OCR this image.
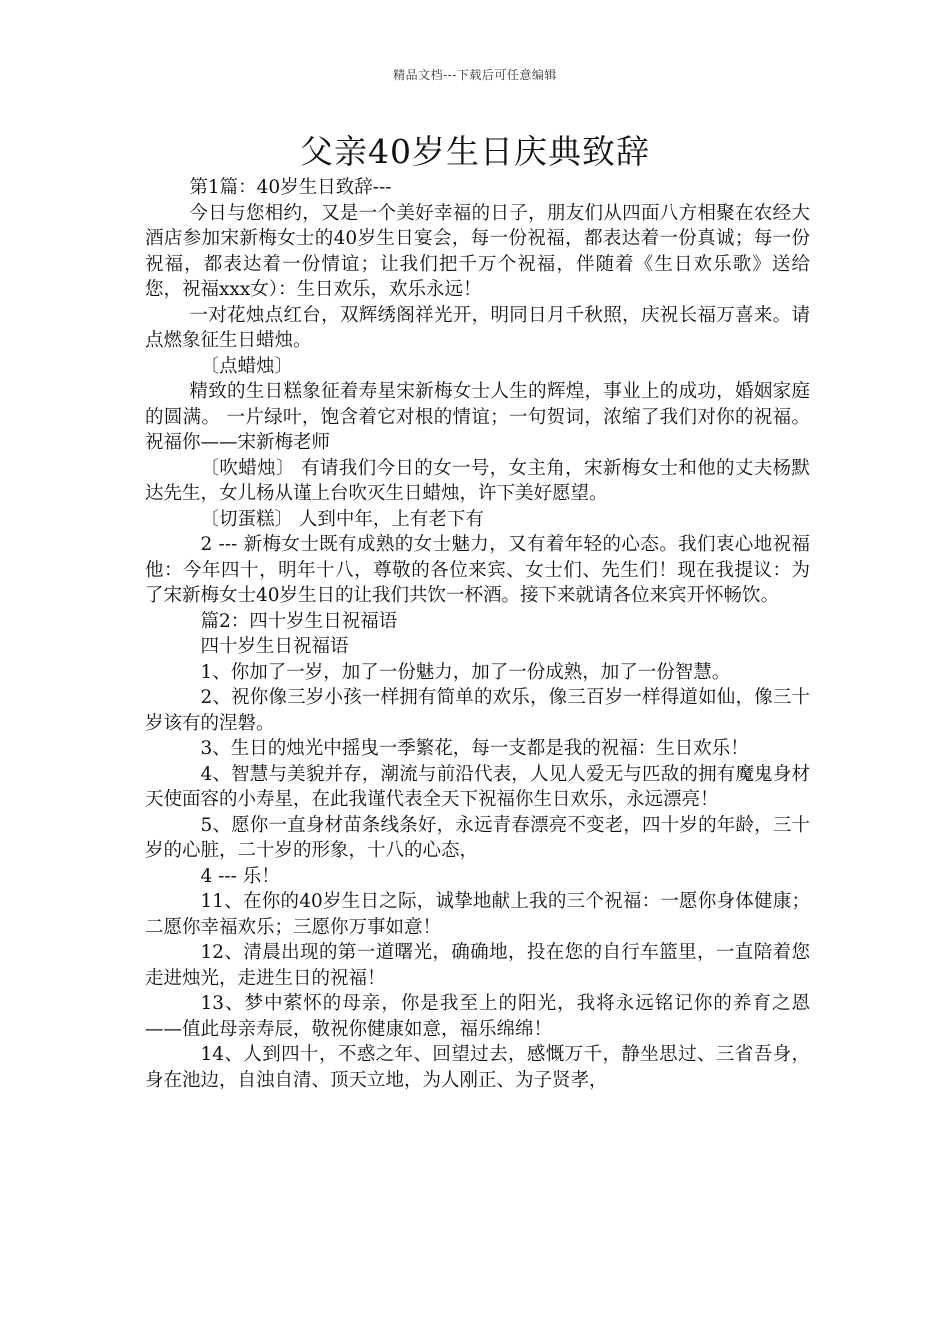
精品文档---下载后可任意编辑
父亲40岁生日庆典致辞

第1篇：40岁生日致辞---

今日与您相约，又是一个美好幸福的日子，朋友们从四面八方相聚在农经大酒店参加宋新梅女士的40岁生日宴会，每一份祝福，都表达着一份真诚；每一份祝福，都表达着一份情谊；让我们把千万个祝福，伴随着《生日欢乐歌》送给您，祝福xxx女）：生日欢乐，欢乐永远！

一对花烛点红台，双辉绣阁祥光开，明同日月千秋照，庆祝长福万喜来。请点燃象征生日蜡烛。

〔点蜡烛〕

精致的生日糕象征着寿星宋新梅女士人生的辉煌，事业上的成功，婚姻家庭的圆满。 一片绿叶，饱含着它对根的情谊；一句贺词，浓缩了我们对你的祝福。祝福你——宋新梅老师

〔吹蜡烛〕 有请我们今日的女一号，女主角，宋新梅女士和他的丈夫杨默达先生，女儿杨从谨上台吹灭生日蜡烛，许下美好愿望。

〔切蛋糕〕 人到中年，上有老下有

2 --- 新梅女士既有成熟的女士魅力，又有着年轻的心态。我们衷心地祝福他：今年四十，明年十八，尊敬的各位来宾、女士们、先生们！现在我提议：为了宋新梅女士40岁生日的让我们共饮一杯酒。接下来就请各位来宾开怀畅饮。

篇2：四十岁生日祝福语

四十岁生日祝福语

1、你加了一岁，加了一份魅力，加了一份成熟，加了一份智慧。

2、祝你像三岁小孩一样拥有简单的欢乐，像三百岁一样得道如仙，像三十岁该有的涅磐。

3、生日的烛光中摇曳一季繁花，每一支都是我的祝福：生日欢乐！

4、智慧与美貌并存，潮流与前沿代表，人见人爱无与匹敌的拥有魔鬼身材天使面容的小寿星，在此我谨代表全天下祝福你生日欢乐，永远漂亮！

5、愿你一直身材苗条线条好，永远青春漂亮不变老，四十岁的年龄，三十岁的心脏，二十岁的形象，十八的心态，

4 --- 乐！

11、在你的40岁生日之际，诚挚地献上我的三个祝福：一愿你身体健康；二愿你幸福欢乐；三愿你万事如意！

12、清晨出现的第一道曙光，确确地，投在您的自行车篮里，一直陪着您走进烛光，走进生日的祝福！

13、梦中萦怀的母亲，你是我至上的阳光，我将永远铭记你的养育之恩——值此母亲寿辰，敬祝你健康如意，福乐绵绵！

14、人到四十，不惑之年、回望过去，感慨万千，静坐思过、三省吾身，身在池边，自浊自清、顶天立地，为人刚正、为子贤孝，
